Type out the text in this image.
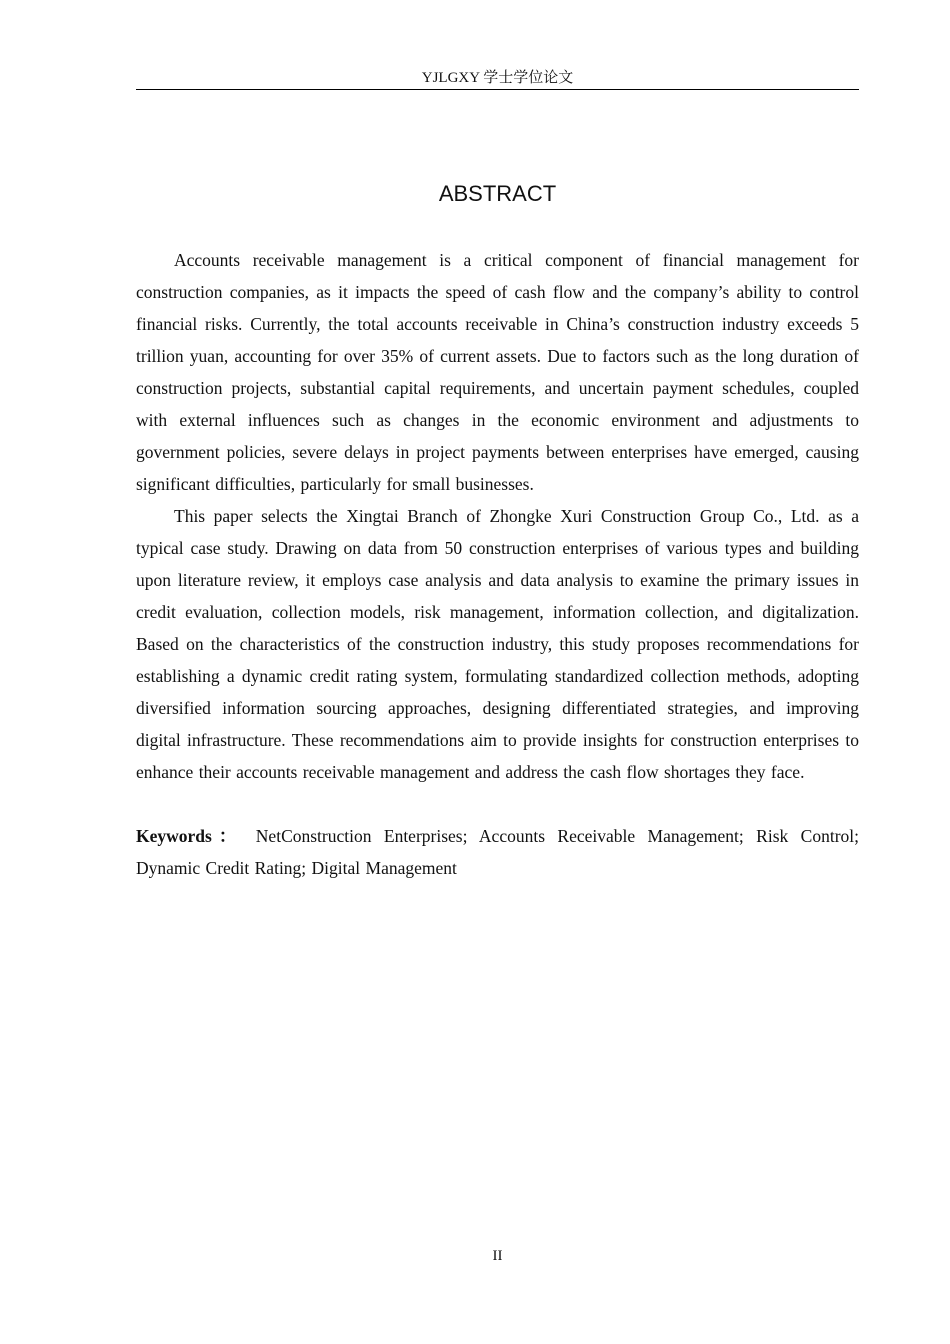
YJLGXY 学士学位论文
ABSTRACT

Accounts receivable management is a critical component of financial management for construction companies, as it impacts the speed of cash flow and the company’s ability to control financial risks. Currently, the total accounts receivable in China’s construction industry exceeds 5 trillion yuan, accounting for over 35% of current assets. Due to factors such as the long duration of construction projects, substantial capital requirements, and uncertain payment schedules, coupled with external influences such as changes in the economic environment and adjustments to government policies, severe delays in project payments between enterprises have emerged, causing significant difficulties, particularly for small businesses.

This paper selects the Xingtai Branch of Zhongke Xuri Construction Group Co., Ltd. as a typical case study. Drawing on data from 50 construction enterprises of various types and building upon literature review, it employs case analysis and data analysis to examine the primary issues in credit evaluation, collection models, risk management, information collection, and digitalization. Based on the characteristics of the construction industry, this study proposes recommendations for establishing a dynamic credit rating system, formulating standardized collection methods, adopting diversified information sourcing approaches, designing differentiated strategies, and improving digital infrastructure. These recommendations aim to provide insights for construction enterprises to enhance their accounts receivable management and address the cash flow shortages they face.

Keywords： NetConstruction Enterprises; Accounts Receivable Management; Risk Control; Dynamic Credit Rating; Digital Management

II
